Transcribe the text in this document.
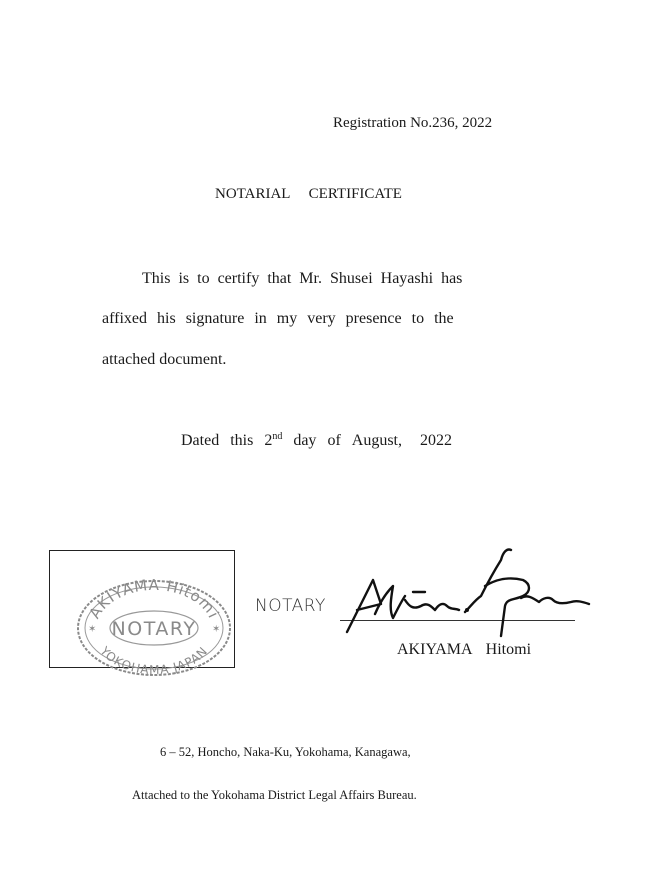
Registration No.236, 2022
NOTARIAL CERTIFICATE
This is to certify that Mr. Shusei Hayashi has
affixed his signature in my very presence to the
attached document.
Dated this 2nd day of August, 2022
AKIYAMA Hitomi
NOTARY
YOKOHAMA JAPAN
✶	✶
NOTARY
Akiyama
AKIYAMA Hitomi
6 – 52, Honcho, Naka-Ku, Yokohama, Kanagawa,
Attached to the Yokohama District Legal Affairs Bureau.
